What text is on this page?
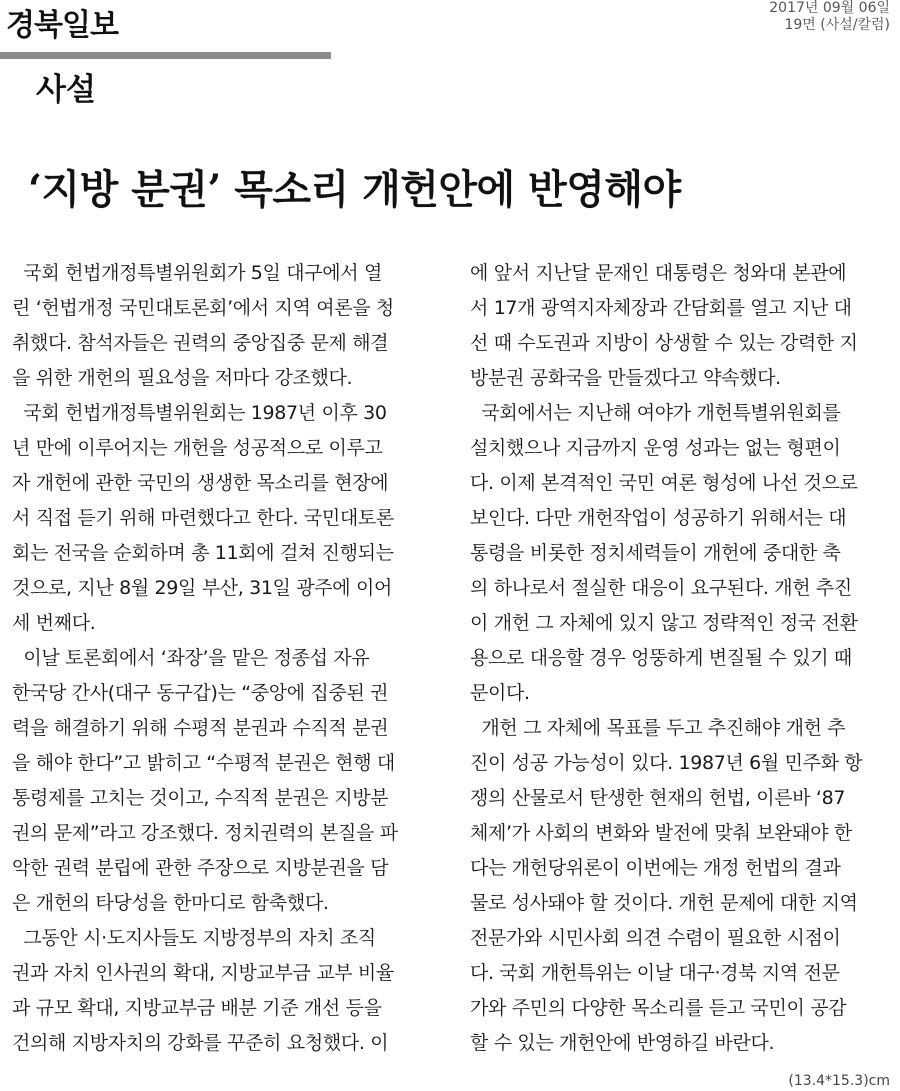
경북일보	2017년 09월 06일
19면 (사설/칼럼)
사설
‘지방 분권’ 목소리 개헌안에 반영해야
국회 헌법개정특별위원회가 5일 대구에서 열
린 ‘헌법개정 국민대토론회’에서 지역 여론을 청
취했다. 참석자들은 권력의 중앙집중 문제 해결
을 위한 개헌의 필요성을 저마다 강조했다.
국회 헌법개정특별위원회는 1987년 이후 30
년 만에 이루어지는 개헌을 성공적으로 이루고
자 개헌에 관한 국민의 생생한 목소리를 현장에
서 직접 듣기 위해 마련했다고 한다. 국민대토론
회는 전국을 순회하며 총 11회에 걸쳐 진행되는
것으로, 지난 8월 29일 부산, 31일 광주에 이어
세 번째다.
이날 토론회에서 ‘좌장’을 맡은 정종섭 자유
한국당 간사(대구 동구갑)는 “중앙에 집중된 권
력을 해결하기 위해 수평적 분권과 수직적 분권
을 해야 한다”고 밝히고 “수평적 분권은 현행 대
통령제를 고치는 것이고, 수직적 분권은 지방분
권의 문제”라고 강조했다. 정치권력의 본질을 파
악한 권력 분립에 관한 주장으로 지방분권을 담
은 개헌의 타당성을 한마디로 함축했다.
그동안 시·도지사들도 지방정부의 자치 조직
권과 자치 인사권의 확대, 지방교부금 교부 비율
과 규모 확대, 지방교부금 배분 기준 개선 등을
건의해 지방자치의 강화를 꾸준히 요청했다. 이
에 앞서 지난달 문재인 대통령은 청와대 본관에
서 17개 광역지자체장과 간담회를 열고 지난 대
선 때 수도권과 지방이 상생할 수 있는 강력한 지
방분권 공화국을 만들겠다고 약속했다.
국회에서는 지난해 여야가 개헌특별위원회를
설치했으나 지금까지 운영 성과는 없는 형편이
다. 이제 본격적인 국민 여론 형성에 나선 것으로
보인다. 다만 개헌작업이 성공하기 위해서는 대
통령을 비롯한 정치세력들이 개헌에 중대한 축
의 하나로서 절실한 대응이 요구된다. 개헌 추진
이 개헌 그 자체에 있지 않고 정략적인 정국 전환
용으로 대응할 경우 엉뚱하게 변질될 수 있기 때
문이다.
개헌 그 자체에 목표를 두고 추진해야 개헌 추
진이 성공 가능성이 있다. 1987년 6월 민주화 항
쟁의 산물로서 탄생한 현재의 헌법, 이른바 ‘87
체제’가 사회의 변화와 발전에 맞춰 보완돼야 한
다는 개헌당위론이 이번에는 개정 헌법의 결과
물로 성사돼야 할 것이다. 개헌 문제에 대한 지역
전문가와 시민사회 의견 수렴이 필요한 시점이
다. 국회 개헌특위는 이날 대구·경북 지역 전문
가와 주민의 다양한 목소리를 듣고 국민이 공감
할 수 있는 개헌안에 반영하길 바란다.
(13.4*15.3)cm
